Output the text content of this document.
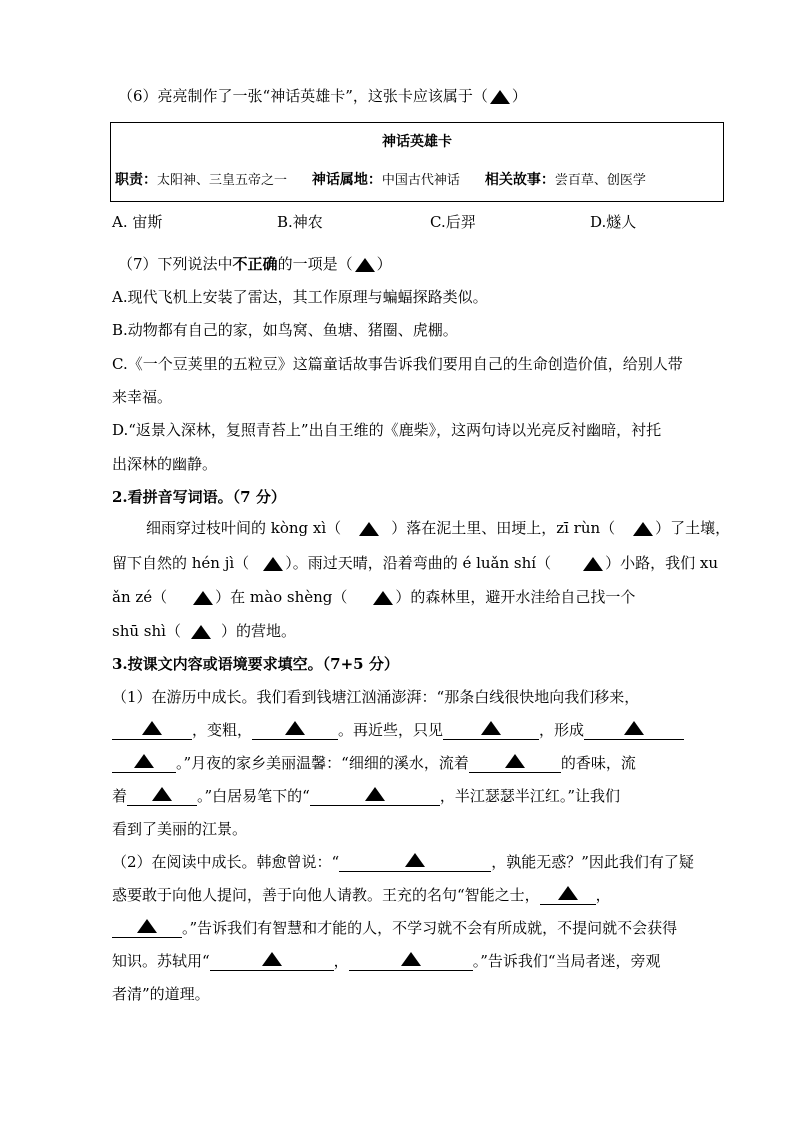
（6）亮亮制作了一张“神话英雄卡”，这张卡应该属于（ ）
神话英雄卡
职责：太阳神、三皇五帝之一 神话属地：中国古代神话 相关故事：尝百草、创医学
A. 宙斯	B.神农	C.后羿	D.燧人
（7）下列说法中不正确的一项是（ ）
A.现代飞机上安装了雷达，其工作原理与蝙蝠探路类似。
B.动物都有自己的家，如鸟窝、鱼塘、猪圈、虎棚。
C.《一个豆荚里的五粒豆》这篇童话故事告诉我们要用自己的生命创造价值，给别人带
来幸福。
D.“返景入深林，复照青苔上”出自王维的《鹿柴》，这两句诗以光亮反衬幽暗，衬托
出深林的幽静。
2.看拼音写词语。（7 分）
细雨穿过枝叶间的 kòng xì（	）落在泥土里、田埂上，zī rùn（	）了土壤，
留下自然的 hén jì（ ）。雨过天晴，沿着弯曲的 é luǎn shí（	）小路，我们 xu
ǎn zé（	）在 mào shèng（	）的森林里，避开水洼给自己找一个
shū shì（	）的营地。
3.按课文内容或语境要求填空。（7+5 分）
（1）在游历中成长。我们看到钱塘江汹涌澎湃：“那条白线很快地向我们移来，
，变粗，	。再近些，只见	，形成
。”月夜的家乡美丽温馨：“细细的溪水，流着	的香味，流
着	。”白居易笔下的“	，半江瑟瑟半江红。”让我们
看到了美丽的江景。
（2）在阅读中成长。韩愈曾说：“	，孰能无惑？”因此我们有了疑
惑要敢于向他人提问，善于向他人请教。王充的名句“智能之士，	，
。”告诉我们有智慧和才能的人，不学习就不会有所成就，不提问就不会获得
知识。苏轼用“	，	。”告诉我们“当局者迷，旁观
者清”的道理。
